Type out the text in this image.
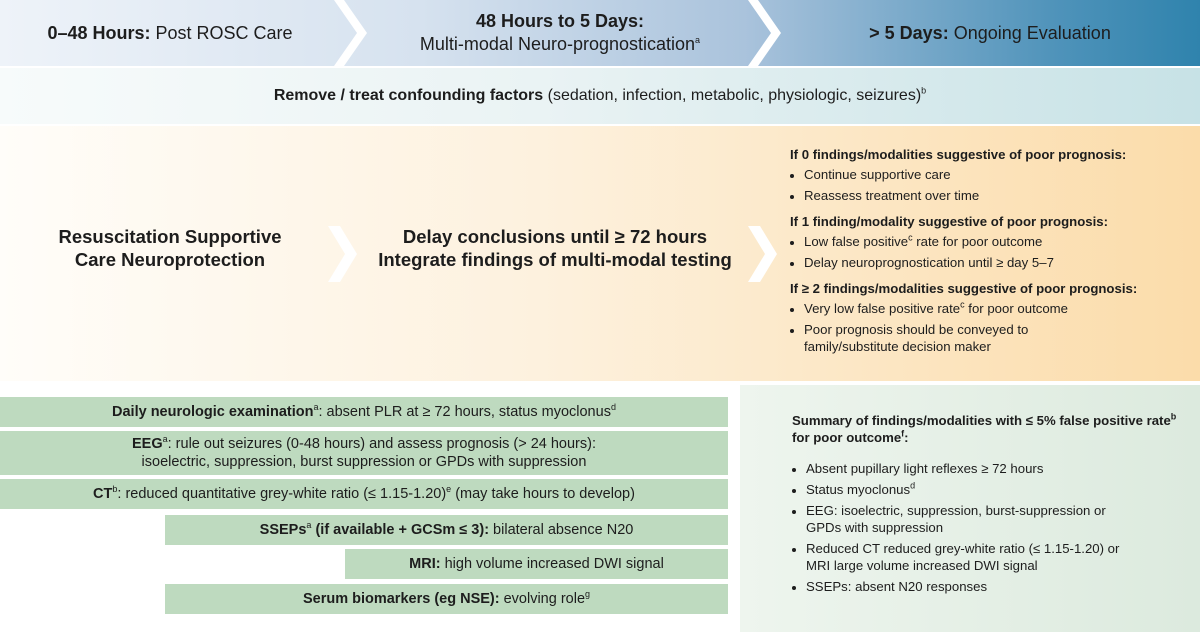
0–48 Hours: Post ROSC Care
48 Hours to 5 Days:
Multi-modal Neuro-prognostication$^a$	> 5 Days: Ongoing Evaluation
Remove / treat confounding factors (sedation, infection, metabolic, physiologic, seizures)$^b$
Resuscitation Supportive
Care Neuroprotection
Delay conclusions until ≥ 72 hours
Integrate findings of multi-modal testing
If 0 findings/modalities suggestive of poor prognosis:
• Continue supportive care
• Reassess treatment over time
If 1 finding/modality suggestive of poor prognosis:
• Low false positive$^c$ rate for poor outcome
• Delay neuroprognostication until ≥ day 5–7
If ≥ 2 findings/modalities suggestive of poor prognosis:
• Very low false positive rate$^c$ for poor outcome
• Poor prognosis should be conveyed to family/substitute decision maker
Daily neurologic examination$^a$: absent PLR at ≥ 72 hours, status myoclonus$^d$
EEG$^a$: rule out seizures (0-48 hours) and assess prognosis (> 24 hours):
isoelectric, suppression, burst suppression or GPDs with suppression
$CT^b$: reduced quantitative grey-white ratio (≤ 1.15-1.20)$^e$ (may take hours to develop)
SSEPs$^a$ (if available + GCSm ≤ 3): bilateral absence N20
MRI: high volume increased DWI signal
Serum biomarkers (eg NSE): evolving role$^g$
Summary of findings/modalities with ≤ 5% false positive rate$^b$ for poor outcome$^f$:
• Absent pupillary light reflexes ≥ 72 hours
• Status myoclonus$^d$
• EEG: isoelectric, suppression, burst-suppression or GPDs with suppression
• Reduced CT reduced grey-white ratio (≤ 1.15-1.20) or MRI large volume increased DWI signal
• SSEPs: absent N20 responses
